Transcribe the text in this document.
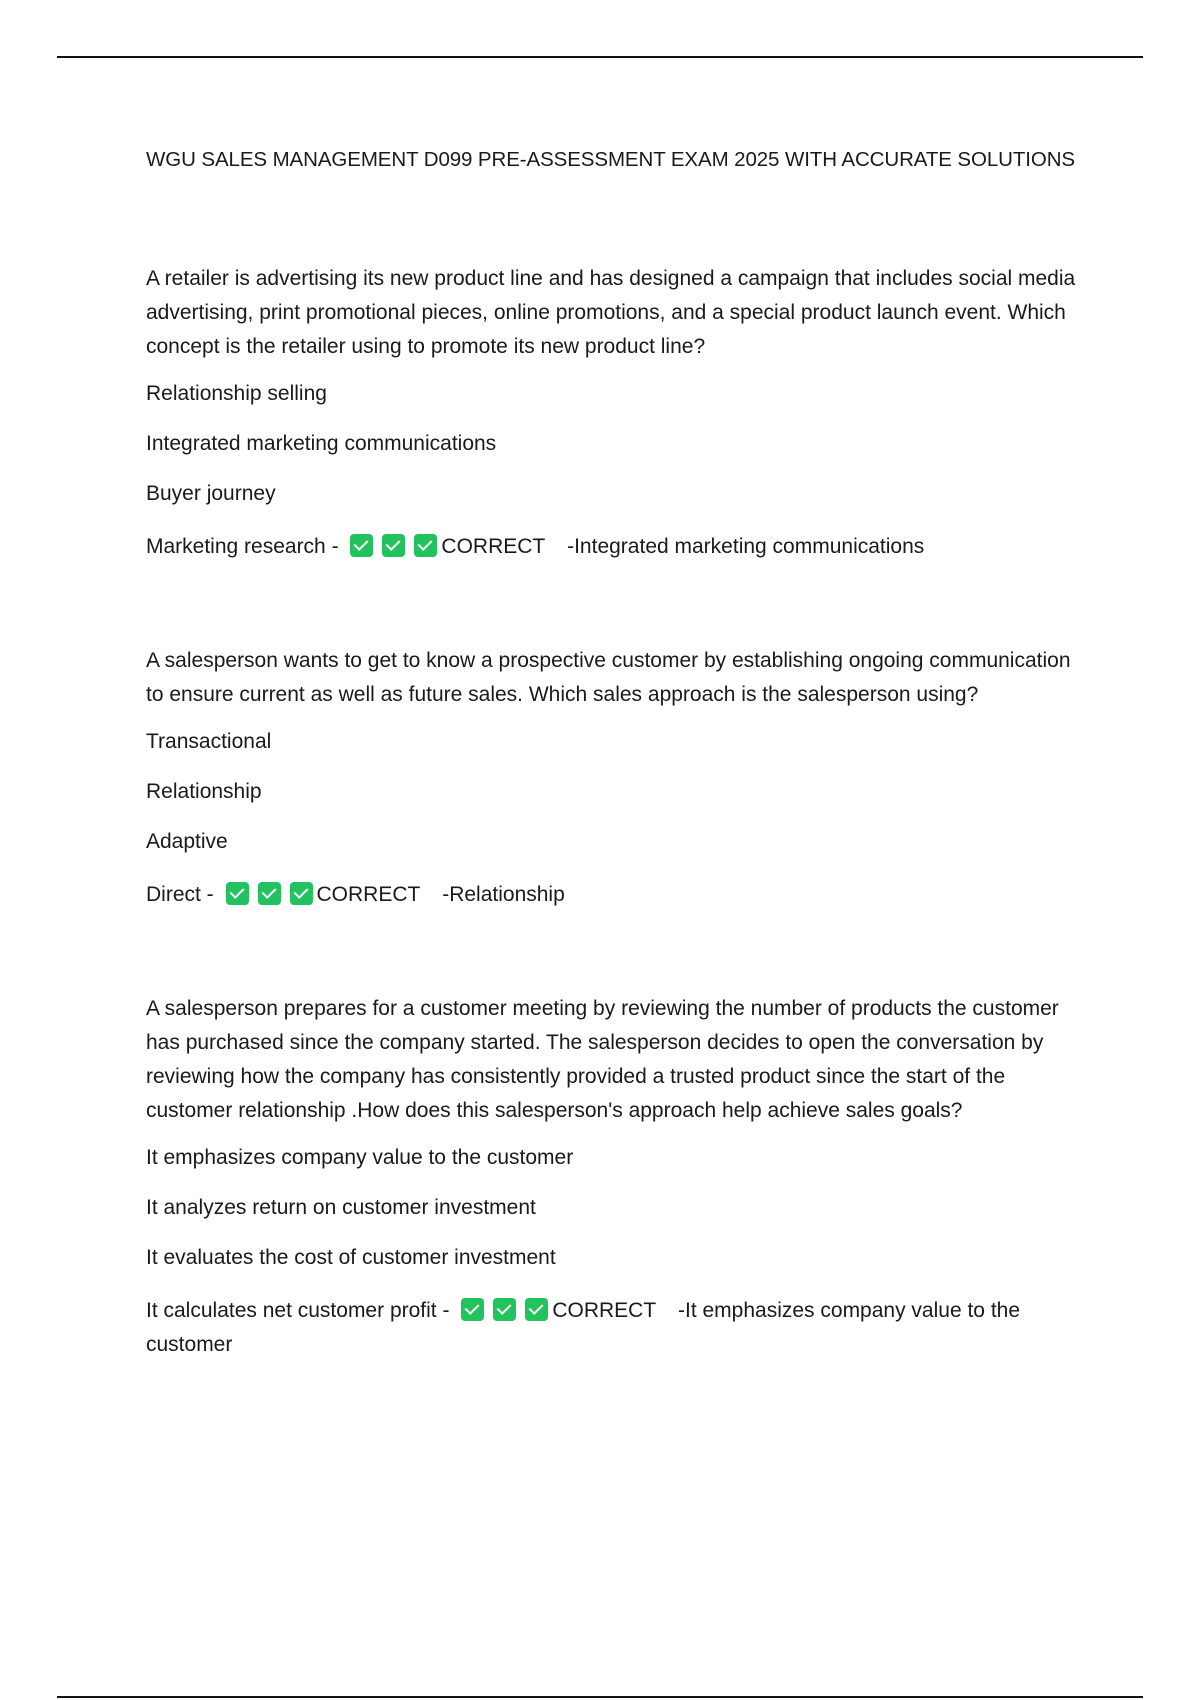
WGU SALES MANAGEMENT D099 PRE-ASSESSMENT EXAM 2025 WITH ACCURATE SOLUTIONS

A retailer is advertising its new product line and has designed a campaign that includes social media advertising, print promotional pieces, online promotions, and a special product launch event. Which concept is the retailer using to promote its new product line?

Relationship selling

Integrated marketing communications

Buyer journey

Marketing research -	CORRECT -Integrated marketing communications

A salesperson wants to get to know a prospective customer by establishing ongoing communication to ensure current as well as future sales. Which sales approach is the salesperson using?

Transactional

Relationship

Adaptive

Direct -	CORRECT -Relationship

A salesperson prepares for a customer meeting by reviewing the number of products the customer has purchased since the company started. The salesperson decides to open the conversation by reviewing how the company has consistently provided a trusted product since the start of the customer relationship .How does this salesperson's approach help achieve sales goals?

It emphasizes company value to the customer

It analyzes return on customer investment

It evaluates the cost of customer investment

It calculates net customer profit -	CORRECT -It emphasizes company value to the customer
